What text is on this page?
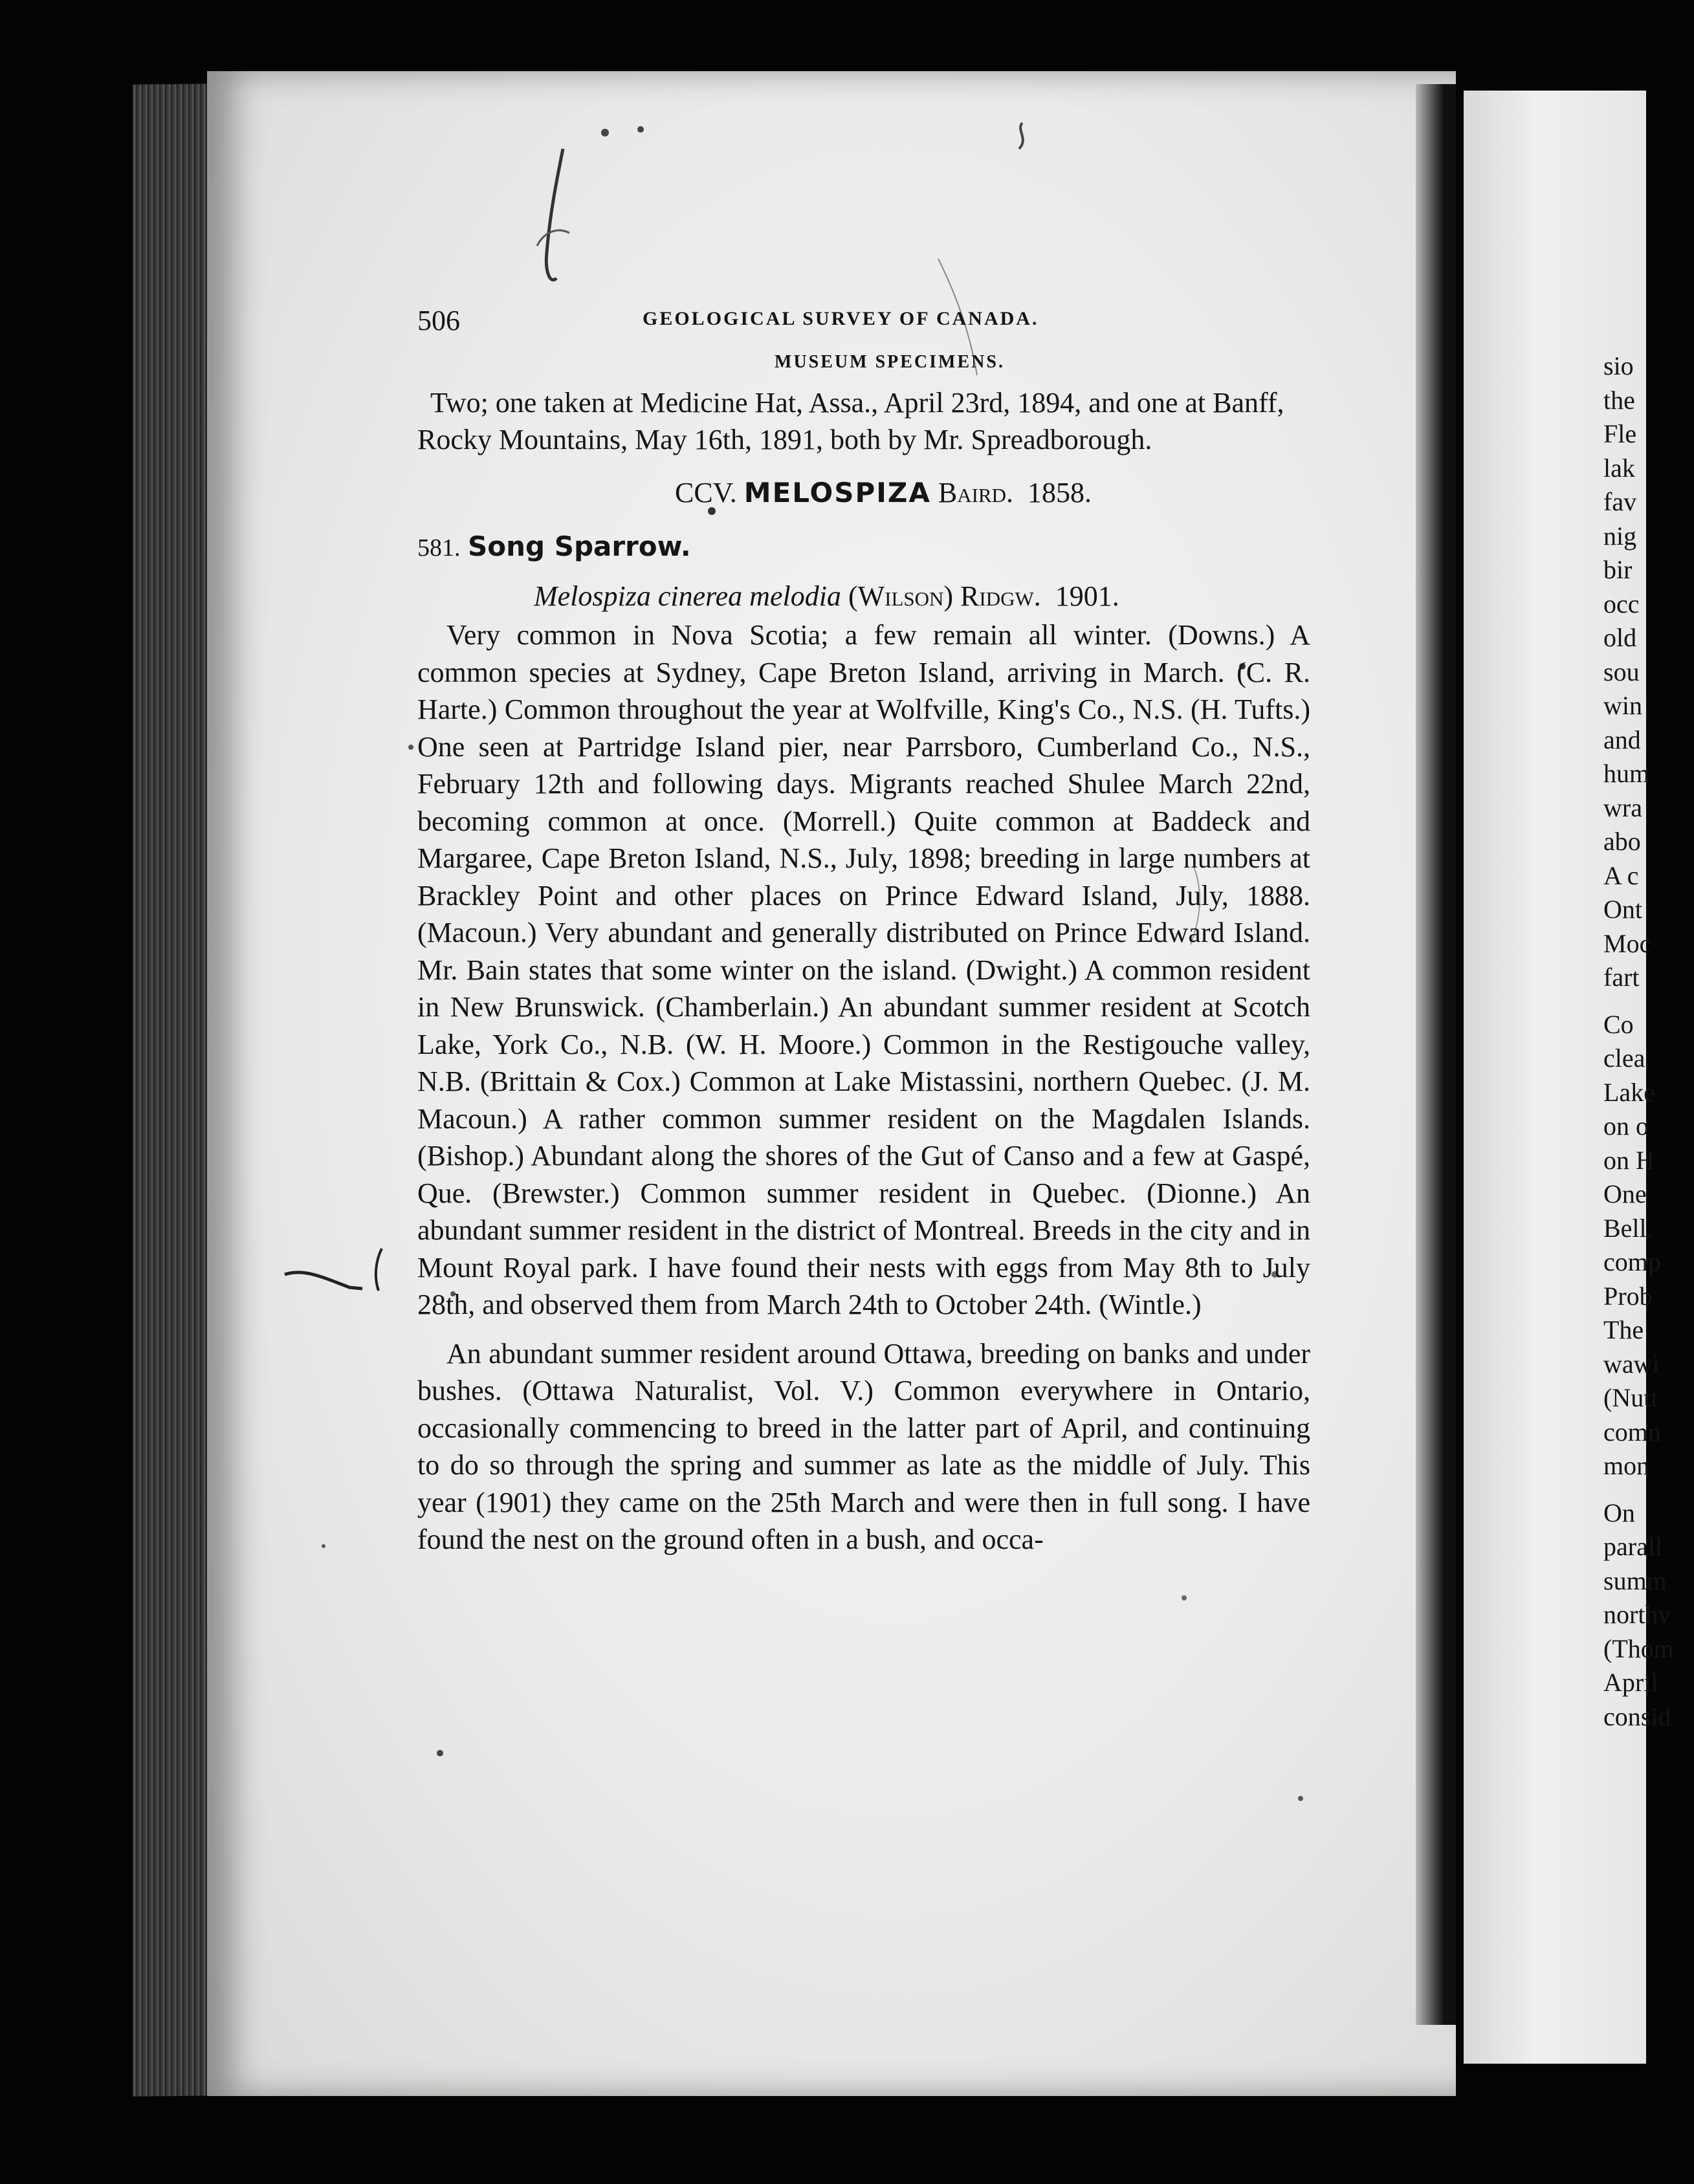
506	GEOLOGICAL SURVEY OF CANADA.
MUSEUM SPECIMENS.

Two; one taken at Medicine Hat, Assa., April 23rd, 1894, and one at Banff, Rocky Mountains, May 16th, 1891, both by Mr. Spreadborough.

CCV. MELOSPIZA Baird. 1858.
581. Song Sparrow.
Melospiza cinerea melodia (Wilson) Ridgw. 1901.

Very common in Nova Scotia; a few remain all winter. (Downs.) A common species at Sydney, Cape Breton Island, arriving in March. (C. R. Harte.) Common throughout the year at Wolfville, King's Co., N.S. (H. Tufts.) One seen at Partridge Island pier, near Parrsboro, Cumberland Co., N.S., February 12th and following days. Migrants reached Shulee March 22nd, becoming common at once. (Morrell.) Quite common at Baddeck and Margaree, Cape Breton Island, N.S., July, 1898; breeding in large numbers at Brackley Point and other places on Prince Edward Island, July, 1888. (Macoun.) Very abundant and generally distributed on Prince Edward Island. Mr. Bain states that some winter on the island. (Dwight.) A common resident in New Brunswick. (Chamberlain.) An abundant summer resident at Scotch Lake, York Co., N.B. (W. H. Moore.) Common in the Restigouche valley, N.B. (Brittain & Cox.) Common at Lake Mistassini, northern Quebec. (J. M. Macoun.) A rather common summer resident on the Magdalen Islands. (Bishop.) Abundant along the shores of the Gut of Canso and a few at Gaspé, Que. (Brewster.) Common summer resident in Quebec. (Dionne.) An abundant summer resident in the district of Montreal. Breeds in the city and in Mount Royal park. I have found their nests with eggs from May 8th to July 28th, and observed them from March 24th to October 24th. (Wintle.)

An abundant summer resident around Ottawa, breeding on banks and under bushes. (Ottawa Naturalist, Vol. V.) Common everywhere in Ontario, occasionally commencing to breed in the latter part of April, and continuing to do so through the spring and summer as late as the middle of July. This year (1901) they came on the 25th March and were then in full song. I have found the nest on the ground often in a bush, and occa-

sio
the
Fle
lak
fav
nig
bir
occ
old
sou
win
and
hum
wra
abo
A c
Ont
Moc
fart
Co
clea
Lake
on o
on H
One
Bell.
comp
Prob
The
wawi
(Nutt
comn
mon
On
parall
summ
northv
(Thom
April
consid
